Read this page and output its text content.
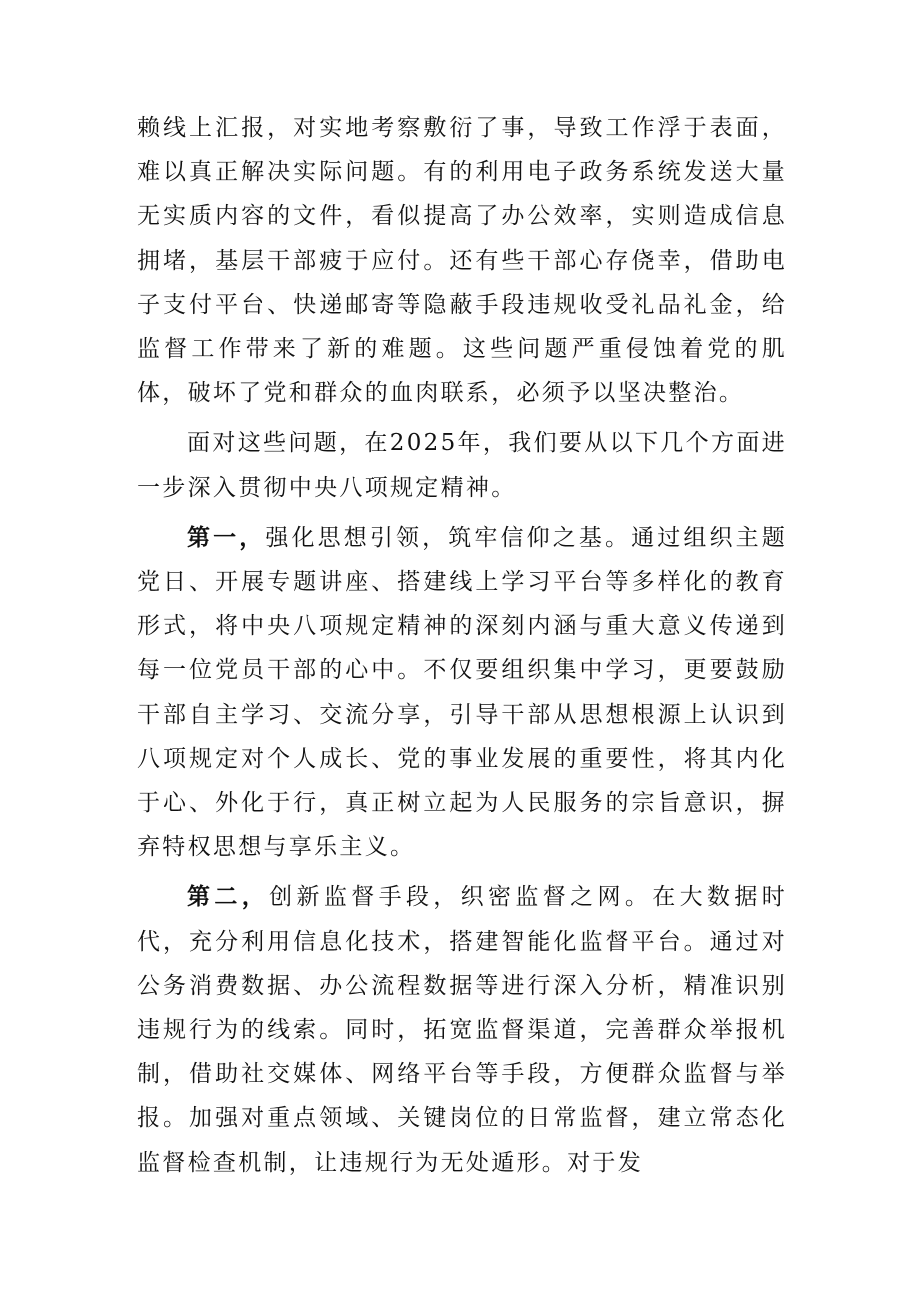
赖线上汇报，对实地考察敷衍了事，导致工作浮于表面，难以真正解决实际问题。有的利用电子政务系统发送大量无实质内容的文件，看似提高了办公效率，实则造成信息拥堵，基层干部疲于应付。还有些干部心存侥幸，借助电子支付平台、快递邮寄等隐蔽手段违规收受礼品礼金，给监督工作带来了新的难题。这些问题严重侵蚀着党的肌体，破坏了党和群众的血肉联系，必须予以坚决整治。

面对这些问题，在2025年，我们要从以下几个方面进一步深入贯彻中央八项规定精神。

第一，强化思想引领，筑牢信仰之基。通过组织主题党日、开展专题讲座、搭建线上学习平台等多样化的教育形式，将中央八项规定精神的深刻内涵与重大意义传递到每一位党员干部的心中。不仅要组织集中学习，更要鼓励干部自主学习、交流分享，引导干部从思想根源上认识到八项规定对个人成长、党的事业发展的重要性，将其内化于心、外化于行，真正树立起为人民服务的宗旨意识，摒弃特权思想与享乐主义。

第二，创新监督手段，织密监督之网。在大数据时代，充分利用信息化技术，搭建智能化监督平台。通过对公务消费数据、办公流程数据等进行深入分析，精准识别违规行为的线索。同时，拓宽监督渠道，完善群众举报机制，借助社交媒体、网络平台等手段，方便群众监督与举报。加强对重点领域、关键岗位的日常监督，建立常态化监督检查机制，让违规行为无处遁形。对于发
